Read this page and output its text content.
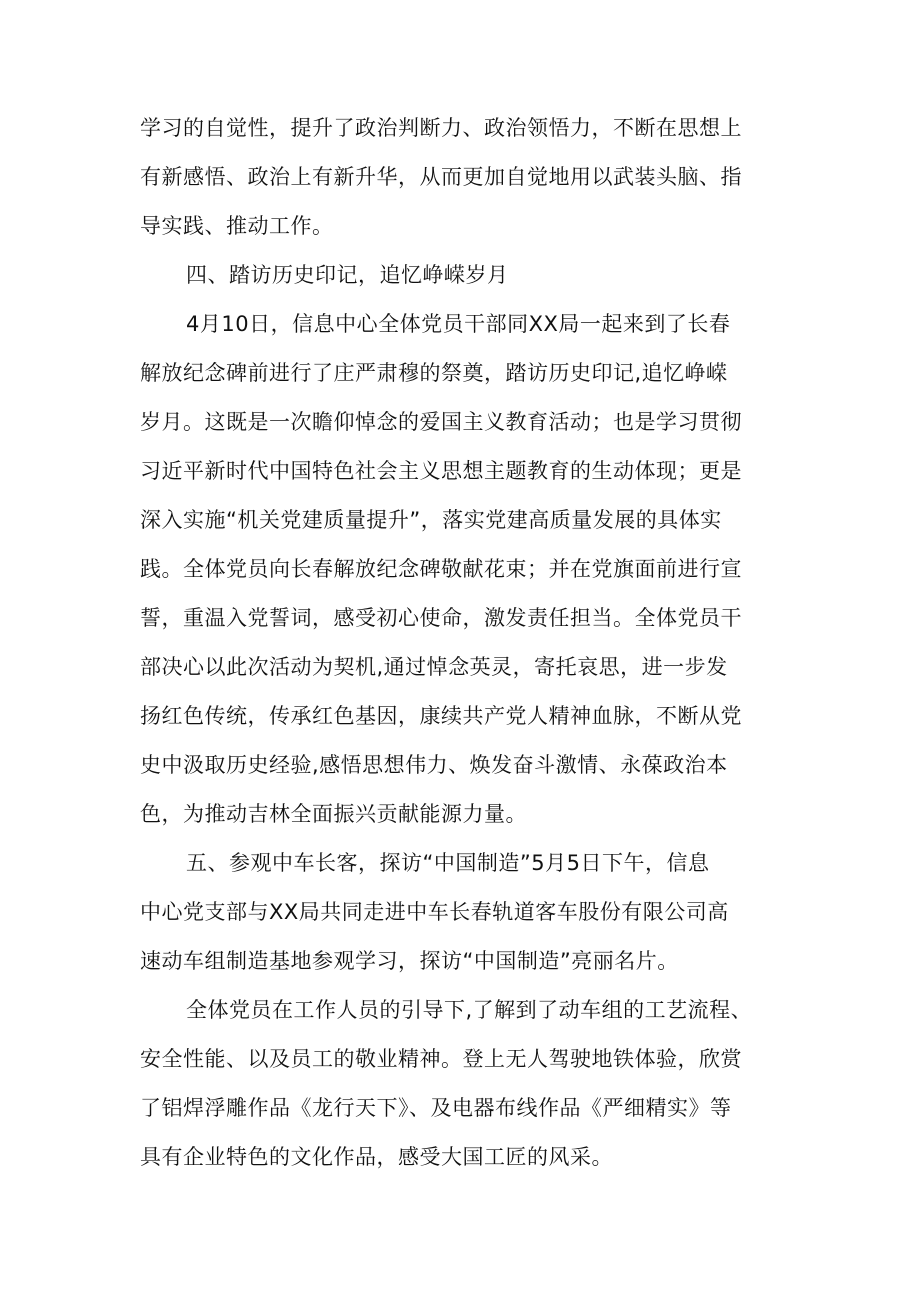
学习的自觉性，提升了政治判断力、政治领悟力，不断在思想上
有新感悟、政治上有新升华，从而更加自觉地用以武装头脑、指
导实践、推动工作。
四、踏访历史印记，追忆峥嵘岁月
4月10日，信息中心全体党员干部同XX局一起来到了长春
解放纪念碑前进行了庄严肃穆的祭奠，踏访历史印记,追忆峥嵘
岁月。这既是一次瞻仰悼念的爱国主义教育活动；也是学习贯彻
习近平新时代中国特色社会主义思想主题教育的生动体现；更是
深入实施“机关党建质量提升”，落实党建高质量发展的具体实
践。全体党员向长春解放纪念碑敬献花束；并在党旗面前进行宣
誓，重温入党誓词，感受初心使命，激发责任担当。全体党员干
部决心以此次活动为契机,通过悼念英灵，寄托哀思，进一步发
扬红色传统，传承红色基因，康续共产党人精神血脉，不断从党
史中汲取历史经验,感悟思想伟力、焕发奋斗激情、永葆政治本
色，为推动吉林全面振兴贡献能源力量。
五、参观中车长客，探访“中国制造”5月5日下午，信息
中心党支部与XX局共同走进中车长春轨道客车股份有限公司高
速动车组制造基地参观学习，探访“中国制造”亮丽名片。
全体党员在工作人员的引导下,了解到了动车组的工艺流程、
安全性能、以及员工的敬业精神。登上无人驾驶地铁体验，欣赏
了铝焊浮雕作品《龙行天下》、及电器布线作品《严细精实》等
具有企业特色的文化作品，感受大国工匠的风采。
